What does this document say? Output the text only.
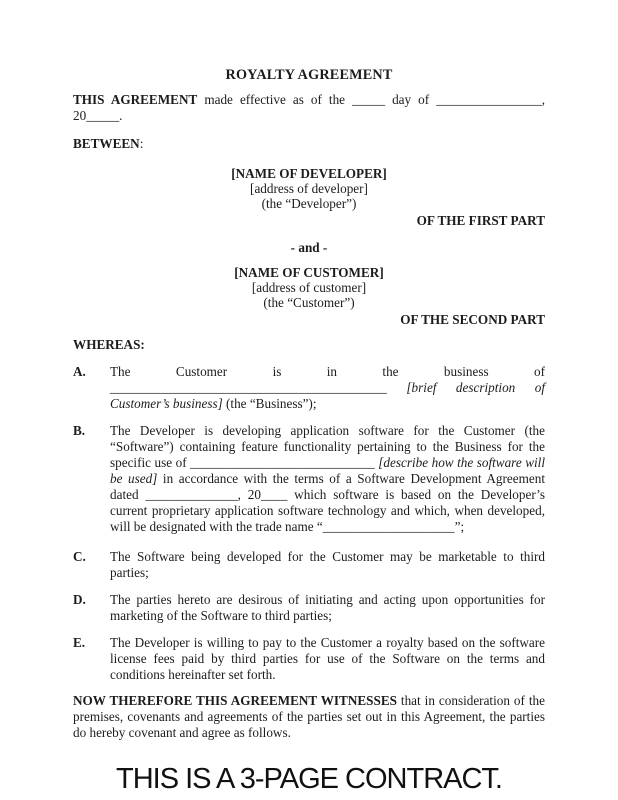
ROYALTY AGREEMENT

THIS AGREEMENT made effective as of the _____ day of ________________, 20_____.

BETWEEN:

[NAME OF DEVELOPER]
[address of developer]
(the “Developer”)

OF THE FIRST PART

- and -

[NAME OF CUSTOMER]
[address of customer]
(the “Customer”)

OF THE SECOND PART

WHEREAS:

A.	The Customer is in the business of __________________________________________ [brief description of Customer’s business] (the “Business”);

B.	The Developer is developing application software for the Customer (the “Software”) containing feature functionality pertaining to the Business for the specific use of ____________________________ [describe how the software will be used] in accordance with the terms of a Software Development Agreement dated ______________, 20____ which software is based on the Developer’s current proprietary application software technology and which, when developed, will be designated with the trade name “____________________”;

C.	The Software being developed for the Customer may be marketable to third parties;

D.	The parties hereto are desirous of initiating and acting upon opportunities for marketing of the Software to third parties;

E.	The Developer is willing to pay to the Customer a royalty based on the software license fees paid by third parties for use of the Software on the terms and conditions hereinafter set forth.

NOW THEREFORE THIS AGREEMENT WITNESSES that in consideration of the premises, covenants and agreements of the parties set out in this Agreement, the parties do hereby covenant and agree as follows.

THIS IS A 3-PAGE CONTRACT.
